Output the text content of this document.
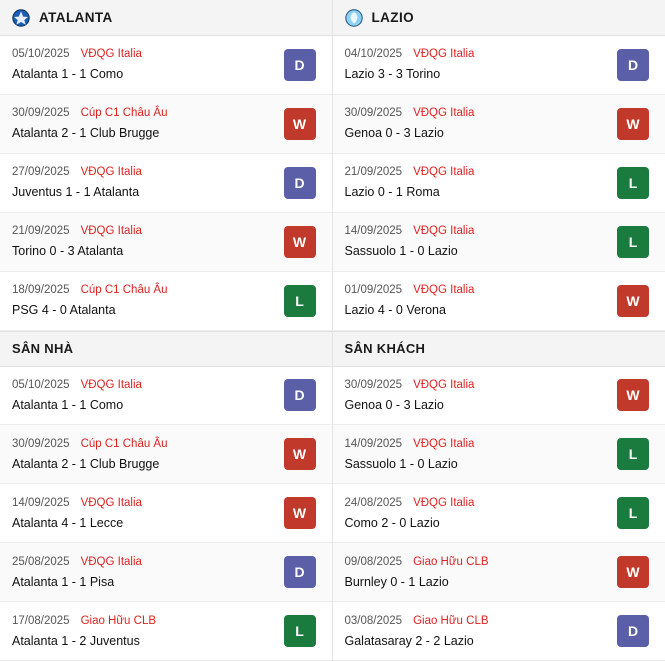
ATALANTA
05/10/2025 VĐQG Italia
Atalanta 1 - 1 Como
D
30/09/2025 Cúp C1 Châu Âu
Atalanta 2 - 1 Club Brugge
W
27/09/2025 VĐQG Italia
Juventus 1 - 1 Atalanta
D
21/09/2025 VĐQG Italia
Torino 0 - 3 Atalanta
W
18/09/2025 Cúp C1 Châu Âu
PSG 4 - 0 Atalanta
L
SÂN NHÀ
05/10/2025 VĐQG Italia
Atalanta 1 - 1 Como
D
30/09/2025 Cúp C1 Châu Âu
Atalanta 2 - 1 Club Brugge
W
14/09/2025 VĐQG Italia
Atalanta 4 - 1 Lecce
W
25/08/2025 VĐQG Italia
Atalanta 1 - 1 Pisa
D
17/08/2025 Giao Hữu CLB
Atalanta 1 - 2 Juventus
L
LAZIO
04/10/2025 VĐQG Italia
Lazio 3 - 3 Torino
D
30/09/2025 VĐQG Italia
Genoa 0 - 3 Lazio
W
21/09/2025 VĐQG Italia
Lazio 0 - 1 Roma
L
14/09/2025 VĐQG Italia
Sassuolo 1 - 0 Lazio
L
01/09/2025 VĐQG Italia
Lazio 4 - 0 Verona
W
SÂN KHÁCH
30/09/2025 VĐQG Italia
Genoa 0 - 3 Lazio
W
14/09/2025 VĐQG Italia
Sassuolo 1 - 0 Lazio
L
24/08/2025 VĐQG Italia
Como 2 - 0 Lazio
L
09/08/2025 Giao Hữu CLB
Burnley 0 - 1 Lazio
W
03/08/2025 Giao Hữu CLB
Galatasaray 2 - 2 Lazio
D
